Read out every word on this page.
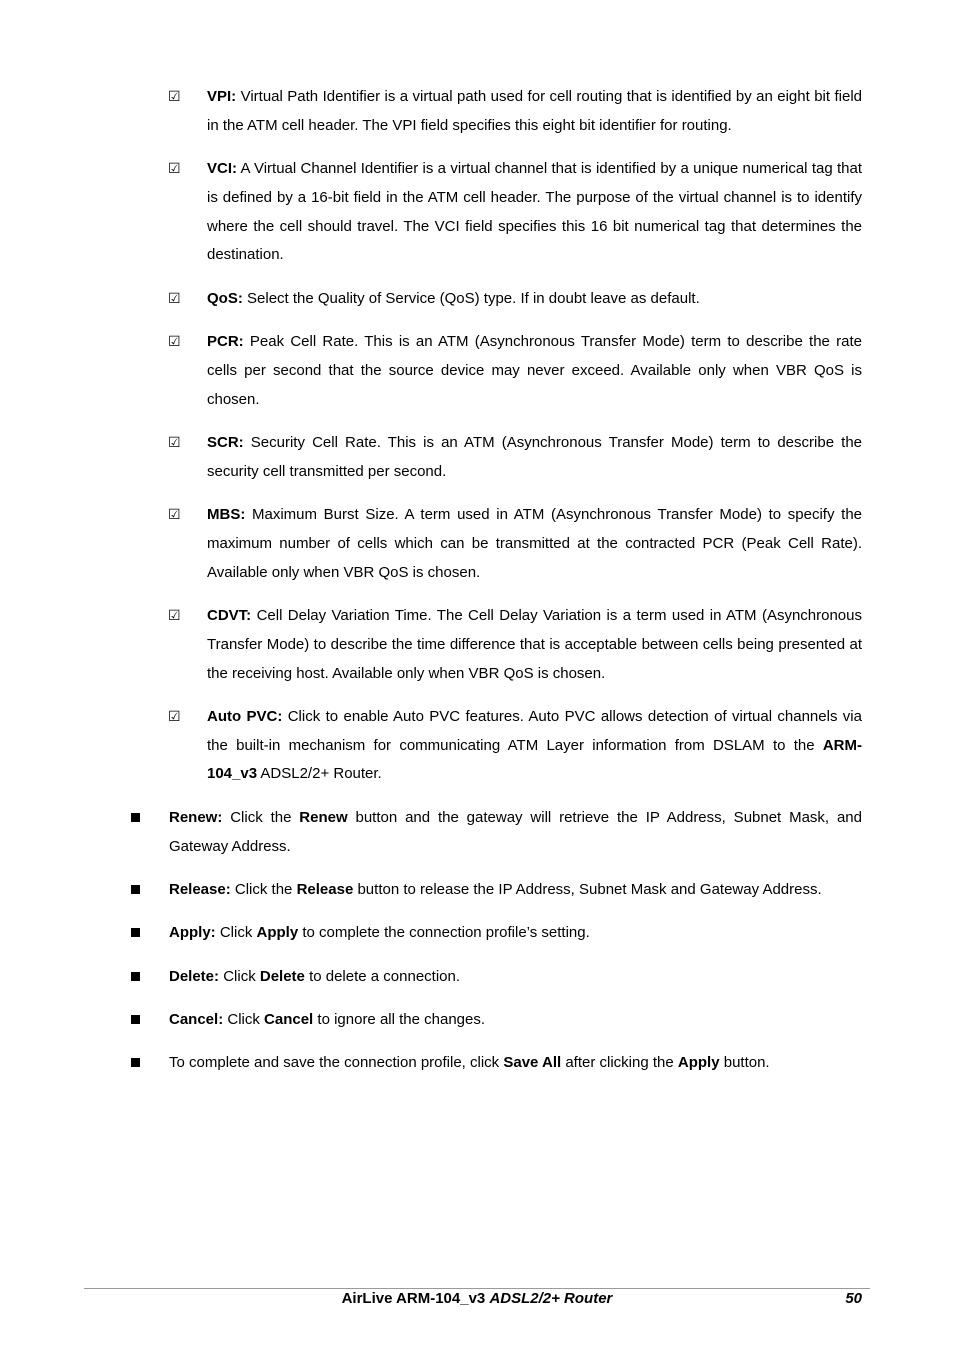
☑ VPI: Virtual Path Identifier is a virtual path used for cell routing that is identified by an eight bit field in the ATM cell header. The VPI field specifies this eight bit identifier for routing.
☑ VCI: A Virtual Channel Identifier is a virtual channel that is identified by a unique numerical tag that is defined by a 16-bit field in the ATM cell header. The purpose of the virtual channel is to identify where the cell should travel. The VCI field specifies this 16 bit numerical tag that determines the destination.
☑ QoS: Select the Quality of Service (QoS) type. If in doubt leave as default.
☑ PCR: Peak Cell Rate. This is an ATM (Asynchronous Transfer Mode) term to describe the rate cells per second that the source device may never exceed. Available only when VBR QoS is chosen.
☑ SCR: Security Cell Rate. This is an ATM (Asynchronous Transfer Mode) term to describe the security cell transmitted per second.
☑ MBS: Maximum Burst Size. A term used in ATM (Asynchronous Transfer Mode) to specify the maximum number of cells which can be transmitted at the contracted PCR (Peak Cell Rate). Available only when VBR QoS is chosen.
☑ CDVT: Cell Delay Variation Time. The Cell Delay Variation is a term used in ATM (Asynchronous Transfer Mode) to describe the time difference that is acceptable between cells being presented at the receiving host. Available only when VBR QoS is chosen.
☑ Auto PVC: Click to enable Auto PVC features. Auto PVC allows detection of virtual channels via the built-in mechanism for communicating ATM Layer information from DSLAM to the ARM-104_v3 ADSL2/2+ Router.
Renew: Click the Renew button and the gateway will retrieve the IP Address, Subnet Mask, and Gateway Address.
Release: Click the Release button to release the IP Address, Subnet Mask and Gateway Address.
Apply: Click Apply to complete the connection profile’s setting.
Delete: Click Delete to delete a connection.
Cancel: Click Cancel to ignore all the changes.
To complete and save the connection profile, click Save All after clicking the Apply button.
AirLive ARM-104_v3 ADSL2/2+ Router	50
